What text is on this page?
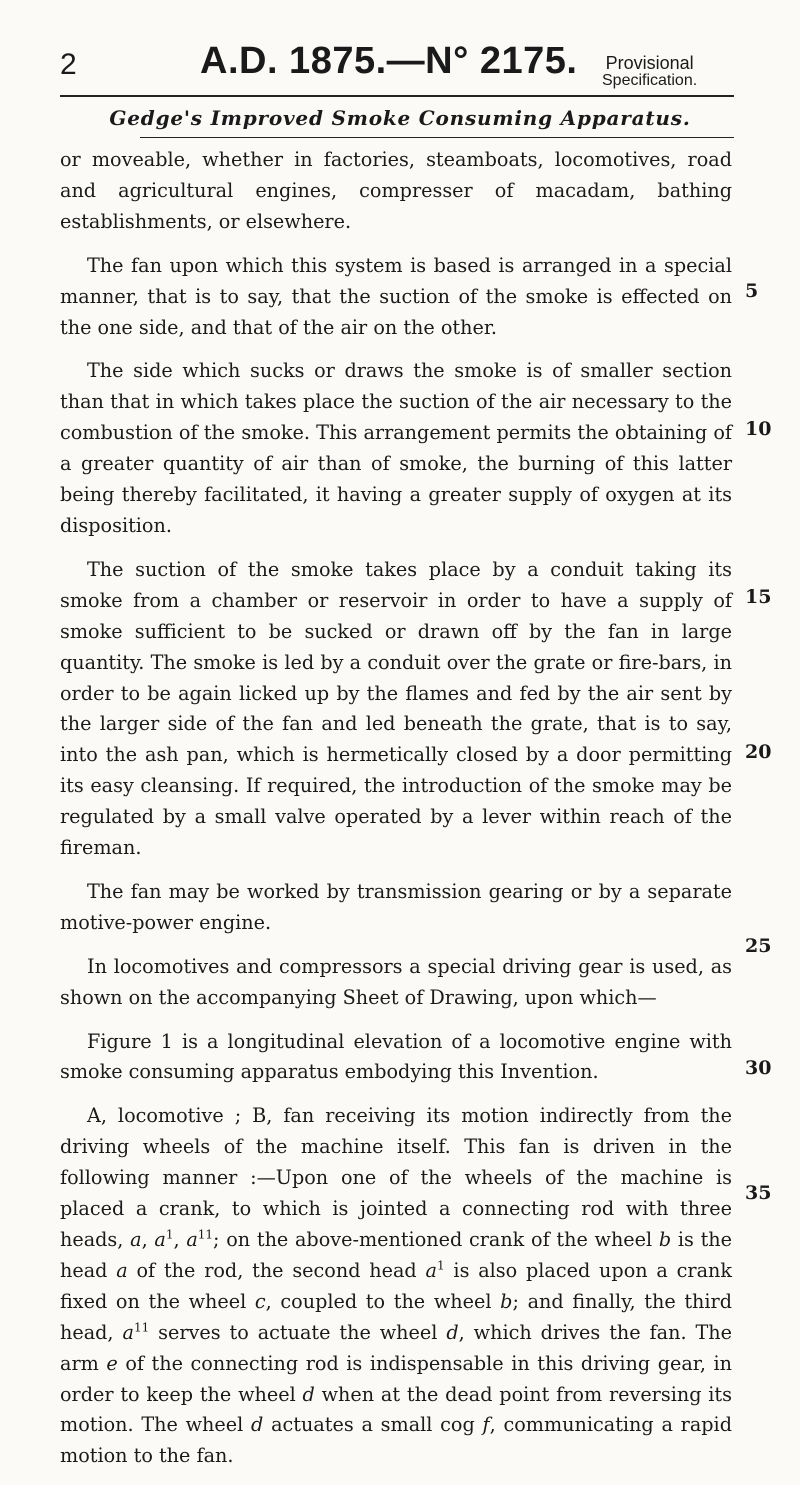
2	A.D. 1875.—N° 2175. Provisional
Specification.
Gedge's Improved Smoke Consuming Apparatus.

or moveable, whether in factories, steamboats, locomotives, road and agricultural engines, compresser of macadam, bathing establishments, or elsewhere.

The fan upon which this system is based is arranged in a special manner, that is to say, that the suction of the smoke is effected on the one side, and that of the air on the other.

The side which sucks or draws the smoke is of smaller section than that in which takes place the suction of the air necessary to the combustion of the smoke. This arrangement permits the obtaining of a greater quantity of air than of smoke, the burning of this latter being thereby facilitated, it having a greater supply of oxygen at its disposition.

The suction of the smoke takes place by a conduit taking its smoke from a chamber or reservoir in order to have a supply of smoke sufficient to be sucked or drawn off by the fan in large quantity. The smoke is led by a conduit over the grate or fire-bars, in order to be again licked up by the flames and fed by the air sent by the larger side of the fan and led beneath the grate, that is to say, into the ash pan, which is hermetically closed by a door permitting its easy cleansing. If required, the introduction of the smoke may be regulated by a small valve operated by a lever within reach of the fireman.

The fan may be worked by transmission gearing or by a separate motive-power engine.

In locomotives and compressors a special driving gear is used, as shown on the accompanying Sheet of Drawing, upon which—

Figure 1 is a longitudinal elevation of a locomotive engine with smoke consuming apparatus embodying this Invention.

A, locomotive ; B, fan receiving its motion indirectly from the driving wheels of the machine itself. This fan is driven in the following manner :—Upon one of the wheels of the machine is placed a crank, to which is jointed a connecting rod with three heads, a, $a^1$, $a^{11}$; on the above-mentioned crank of the wheel b is the head a of the rod, the second head $a^1$ is also placed upon a crank fixed on the wheel c, coupled to the wheel b; and finally, the third head, $a^{11}$ serves to actuate the wheel d, which drives the fan. The arm e of the connecting rod is indispensable in this driving gear, in order to keep the wheel d when at the dead point from reversing its motion. The wheel d actuates a small cog f, communicating a rapid motion to the fan.

5
10
15
20
25
30
35
